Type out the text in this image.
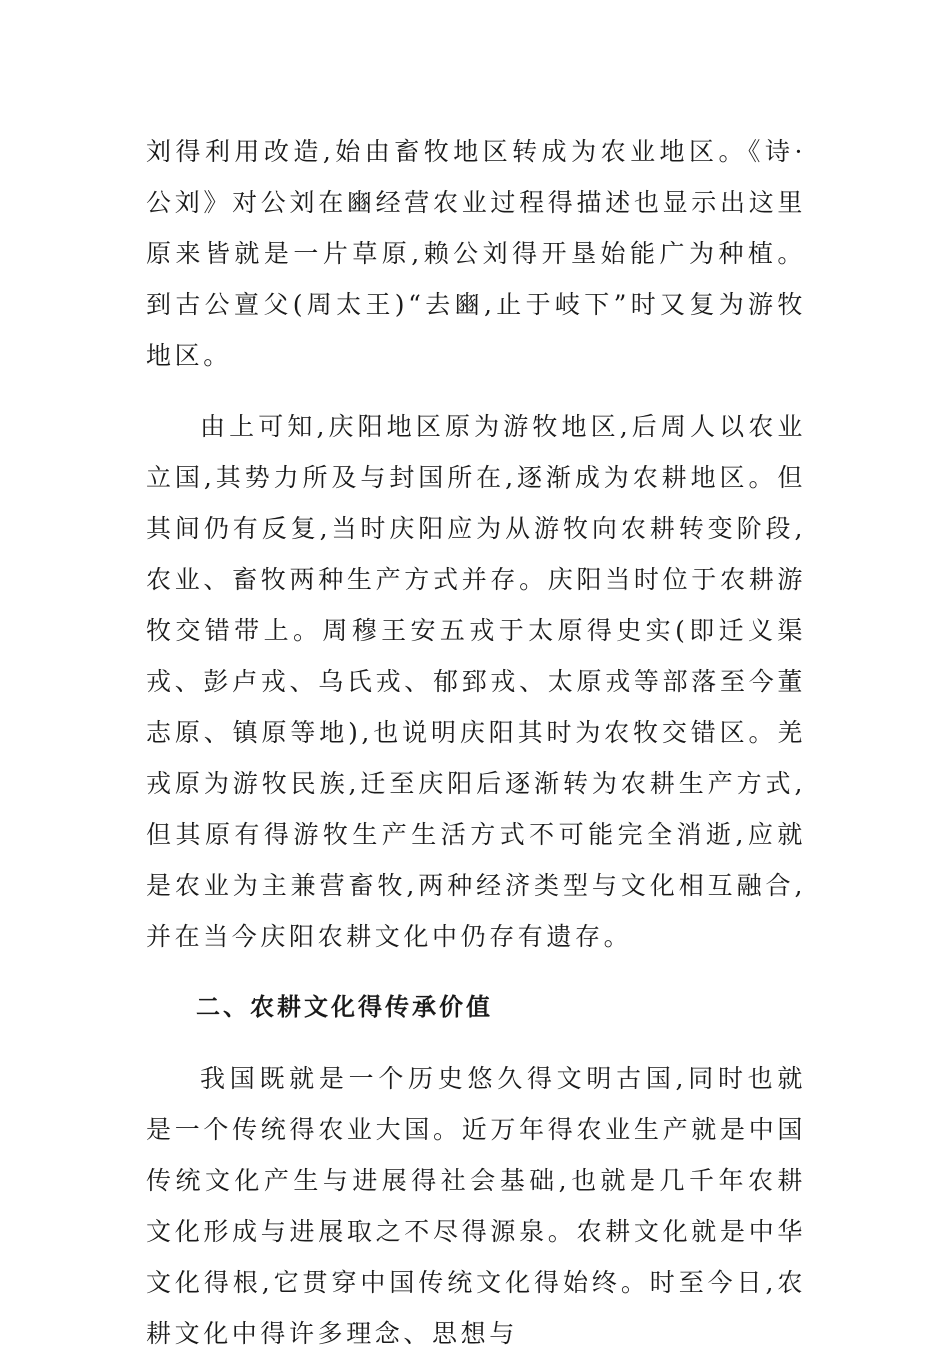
刘得利用改造,始由畜牧地区转成为农业地区。《诗·公刘》对公刘在豳经营农业过程得描述也显示出这里原来皆就是一片草原,赖公刘得开垦始能广为种植。到古公亶父(周太王)“去豳,止于岐下”时又复为游牧地区。

由上可知,庆阳地区原为游牧地区,后周人以农业立国,其势力所及与封国所在,逐渐成为农耕地区。但其间仍有反复,当时庆阳应为从游牧向农耕转变阶段,农业、畜牧两种生产方式并存。庆阳当时位于农耕游牧交错带上。周穆王安五戎于太原得史实(即迁义渠戎、彭卢戎、乌氏戎、郁郅戎、太原戎等部落至今董志原、镇原等地),也说明庆阳其时为农牧交错区。羌戎原为游牧民族,迁至庆阳后逐渐转为农耕生产方式,但其原有得游牧生产生活方式不可能完全消逝,应就是农业为主兼营畜牧,两种经济类型与文化相互融合,并在当今庆阳农耕文化中仍存有遗存。

二、农耕文化得传承价值

我国既就是一个历史悠久得文明古国,同时也就是一个传统得农业大国。近万年得农业生产就是中国传统文化产生与进展得社会基础,也就是几千年农耕文化形成与进展取之不尽得源泉。农耕文化就是中华文化得根,它贯穿中国传统文化得始终。时至今日,农耕文化中得许多理念、思想与
